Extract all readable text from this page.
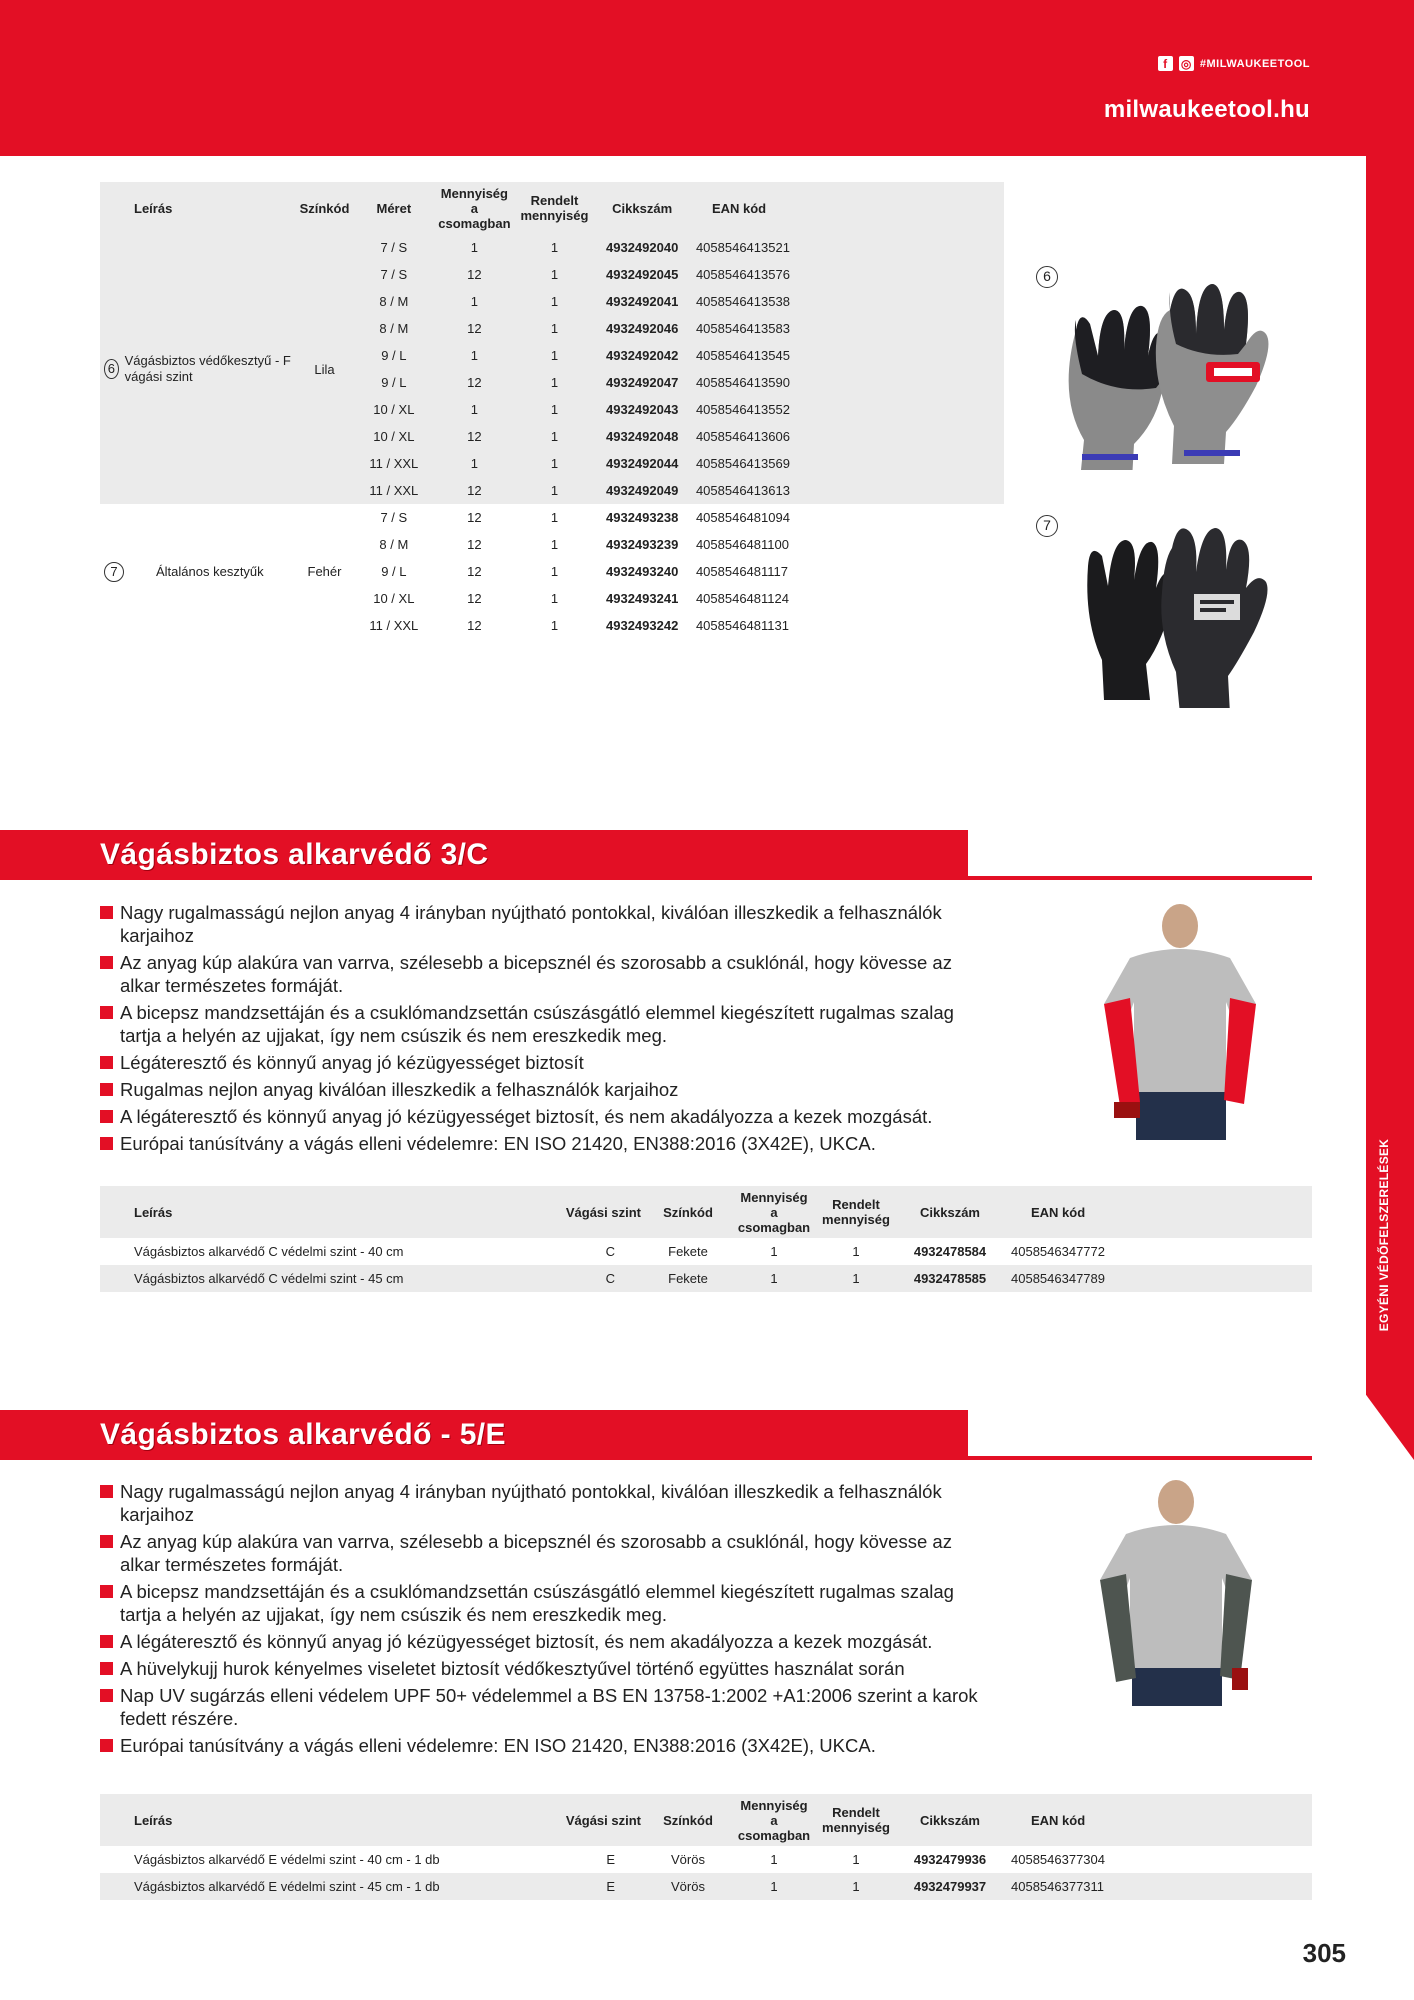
f	◎ #MILWAUKEETOOL
milwaukeetool.hu
EGYÉNI VÉDŐFELSZERELÉSEK
Leírás	Színkód	Méret	Mennyiség a csomagban	Rendelt mennyiség	Cikkszám	EAN kód	

6
Vágásbiztos védőkesztyű - F vágási szint	Lila	7 / S	1	1	4932492040	4058546413521	
		7 / S	12	1	4932492045	4058546413576	
		8 / M	1	1	4932492041	4058546413538	
		8 / M	12	1	4932492046	4058546413583	
		9 / L	1	1	4932492042	4058546413545	
		9 / L	12	1	4932492047	4058546413590	
		10 / XL	1	1	4932492043	4058546413552	
		10 / XL	12	1	4932492048	4058546413606	
		11 / XXL	1	1	4932492044	4058546413569	
		11 / XXL	12	1	4932492049	4058546413613	

7 Általános kesztyűk	Fehér	7 / S	12	1	4932493238	4058546481094	
		8 / M	12	1	4932493239	4058546481100	
		9 / L	12	1	4932493240	4058546481117	
		10 / XL	12	1	4932493241	4058546481124	
		11 / XXL	12	1	4932493242	4058546481131	
6
7
Vágásbiztos alkarvédő 3/C
Nagy rugalmasságú nejlon anyag 4 irányban nyújtható pontokkal, kiválóan illeszkedik a felhasználók karjaihoz
Az anyag kúp alakúra van varrva, szélesebb a bicepsznél és szorosabb a csuklónál, hogy kövesse az alkar természetes formáját.
A bicepsz mandzsettáján és a csuklómandzsettán csúszásgátló elemmel kiegészített rugalmas szalag tartja a helyén az ujjakat, így nem csúszik és nem ereszkedik meg.
Légáteresztő és könnyű anyag jó kézügyességet biztosít
Rugalmas nejlon anyag kiválóan illeszkedik a felhasználók karjaihoz
A légáteresztő és könnyű anyag jó kézügyességet biztosít, és nem akadályozza a kezek mozgását.
Európai tanúsítvány a vágás elleni védelemre: EN ISO 21420, EN388:2016 (3X42E), UKCA.
Leírás	Vágási szint	Színkód	Mennyiség a csomagban	Rendelt mennyiség	Cikkszám	EAN kód
Vágásbiztos alkarvédő C védelmi szint - 40 cm	C	Fekete	1	1	4932478584	4058546347772
Vágásbiztos alkarvédő C védelmi szint - 45 cm	C	Fekete	1	1	4932478585	4058546347789
Vágásbiztos alkarvédő - 5/E
Nagy rugalmasságú nejlon anyag 4 irányban nyújtható pontokkal, kiválóan illeszkedik a felhasználók karjaihoz
Az anyag kúp alakúra van varrva, szélesebb a bicepsznél és szorosabb a csuklónál, hogy kövesse az alkar természetes formáját.
A bicepsz mandzsettáján és a csuklómandzsettán csúszásgátló elemmel kiegészített rugalmas szalag tartja a helyén az ujjakat, így nem csúszik és nem ereszkedik meg.
A légáteresztő és könnyű anyag jó kézügyességet biztosít, és nem akadályozza a kezek mozgását.
A hüvelykujj hurok kényelmes viseletet biztosít védőkesztyűvel történő együttes használat során
Nap UV sugárzás elleni védelem UPF 50+ védelemmel a BS EN 13758-1:2002 +A1:2006 szerint a karok fedett részére.
Európai tanúsítvány a vágás elleni védelemre: EN ISO 21420, EN388:2016 (3X42E), UKCA.
Leírás	Vágási szint	Színkód	Mennyiség a csomagban	Rendelt mennyiség	Cikkszám	EAN kód
Vágásbiztos alkarvédő E védelmi szint - 40 cm - 1 db	E	Vörös	1	1	4932479936	4058546377304
Vágásbiztos alkarvédő E védelmi szint - 45 cm - 1 db	E	Vörös	1	1	4932479937	4058546377311
305
